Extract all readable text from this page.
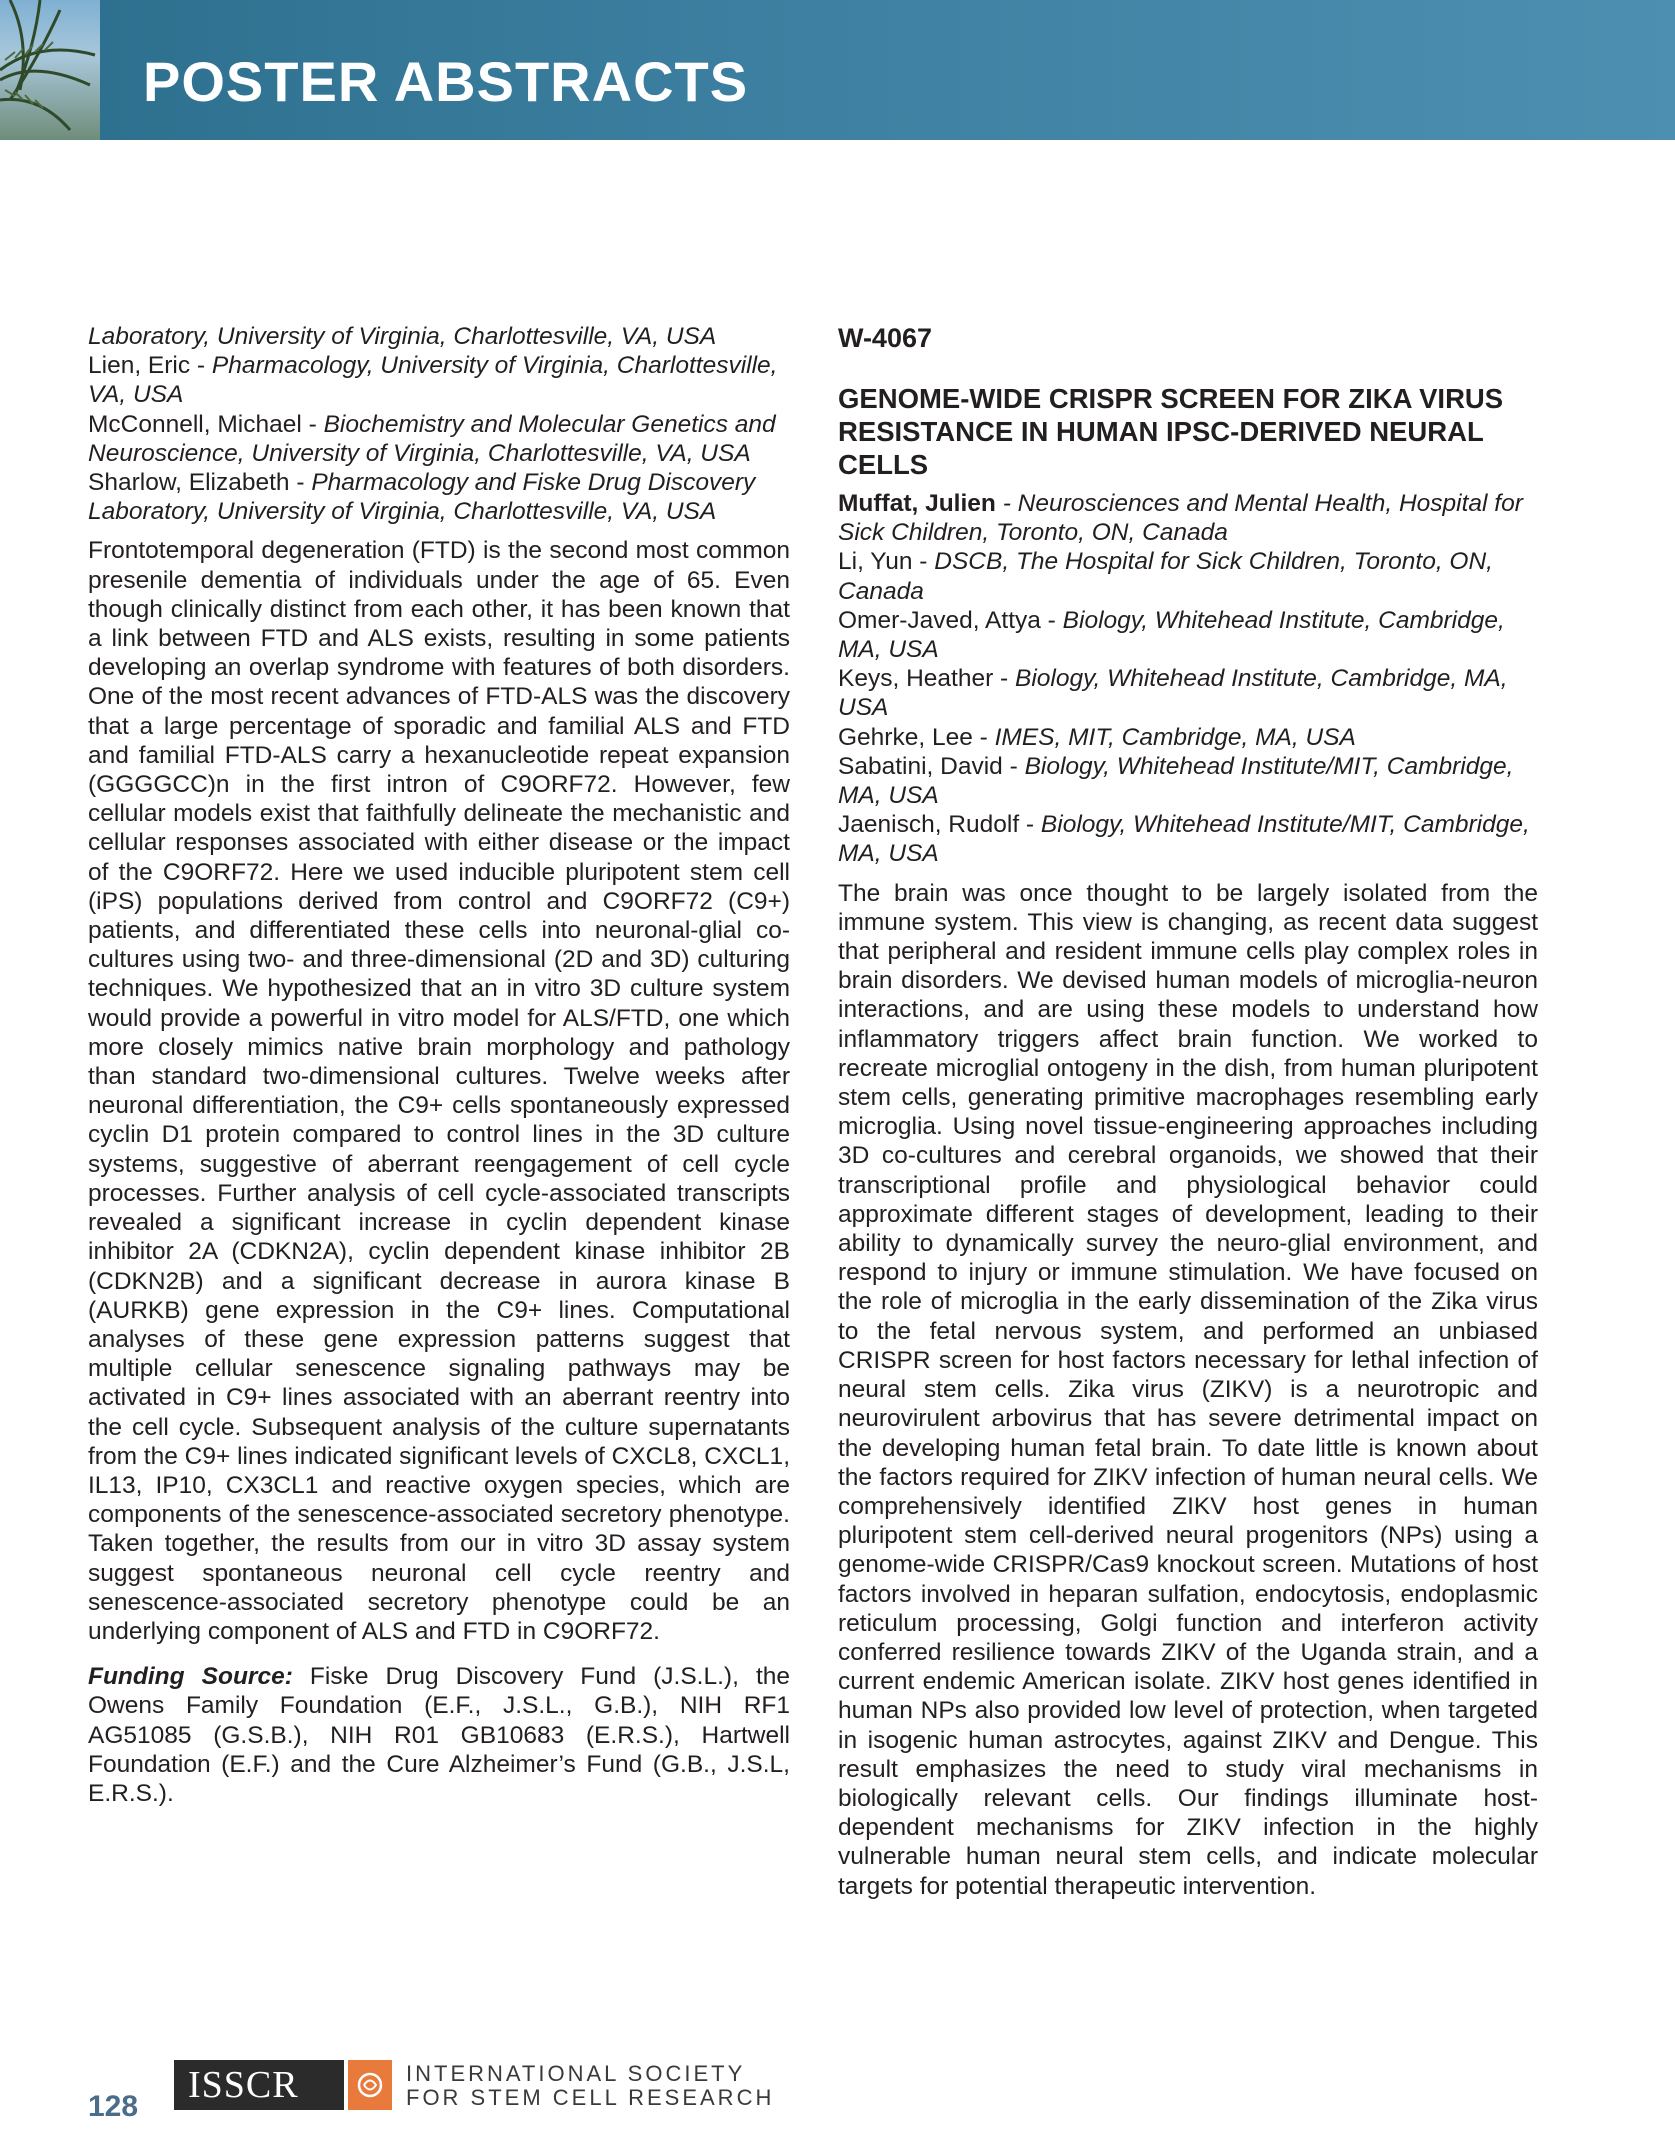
POSTER ABSTRACTS

Laboratory, University of Virginia, Charlottesville, VA, USA

Lien, Eric - Pharmacology, University of Virginia, Charlottesville, VA, USA

McConnell, Michael - Biochemistry and Molecular Genetics and Neuroscience, University of Virginia, Charlottesville, VA, USA

Sharlow, Elizabeth - Pharmacology and Fiske Drug Discovery Laboratory, University of Virginia, Charlottesville, VA, USA

Frontotemporal degeneration (FTD) is the second most common presenile dementia of individuals under the age of 65. Even though clinically distinct from each other, it has been known that a link between FTD and ALS exists, resulting in some patients developing an overlap syndrome with features of both disorders. One of the most recent advances of FTD-ALS was the discovery that a large percentage of sporadic and familial ALS and FTD and familial FTD-ALS carry a hexanucleotide repeat expansion (GGGGCC)n in the first intron of C9ORF72. However, few cellular models exist that faithfully delineate the mechanistic and cellular responses associated with either disease or the impact of the C9ORF72. Here we used inducible pluripotent stem cell (iPS) populations derived from control and C9ORF72 (C9+) patients, and differentiated these cells into neuronal-glial co-cultures using two- and three-dimensional (2D and 3D) culturing techniques. We hypothesized that an in vitro 3D culture system would provide a powerful in vitro model for ALS/FTD, one which more closely mimics native brain morphology and pathology than standard two-dimensional cultures. Twelve weeks after neuronal differentiation, the C9+ cells spontaneously expressed cyclin D1 protein compared to control lines in the 3D culture systems, suggestive of aberrant reengagement of cell cycle processes. Further analysis of cell cycle-associated transcripts revealed a significant increase in cyclin dependent kinase inhibitor 2A (CDKN2A), cyclin dependent kinase inhibitor 2B (CDKN2B) and a significant decrease in aurora kinase B (AURKB) gene expression in the C9+ lines. Computational analyses of these gene expression patterns suggest that multiple cellular senescence signaling pathways may be activated in C9+ lines associated with an aberrant reentry into the cell cycle. Subsequent analysis of the culture supernatants from the C9+ lines indicated significant levels of CXCL8, CXCL1, IL13, IP10, CX3CL1 and reactive oxygen species, which are components of the senescence-associated secretory phenotype. Taken together, the results from our in vitro 3D assay system suggest spontaneous neuronal cell cycle reentry and senescence-associated secretory phenotype could be an underlying component of ALS and FTD in C9ORF72.

Funding Source: Fiske Drug Discovery Fund (J.S.L.), the Owens Family Foundation (E.F., J.S.L., G.B.), NIH RF1 AG51085 (G.S.B.), NIH R01 GB10683 (E.R.S.), Hartwell Foundation (E.F.) and the Cure Alzheimer’s Fund (G.B., J.S.L, E.R.S.).

W-4067

GENOME-WIDE CRISPR SCREEN FOR ZIKA VIRUS RESISTANCE IN HUMAN IPSC-DERIVED NEURAL CELLS

Muffat, Julien - Neurosciences and Mental Health, Hospital for Sick Children, Toronto, ON, Canada

Li, Yun - DSCB, The Hospital for Sick Children, Toronto, ON, Canada

Omer-Javed, Attya - Biology, Whitehead Institute, Cambridge, MA, USA

Keys, Heather - Biology, Whitehead Institute, Cambridge, MA, USA

Gehrke, Lee - IMES, MIT, Cambridge, MA, USA

Sabatini, David - Biology, Whitehead Institute/MIT, Cambridge, MA, USA

Jaenisch, Rudolf - Biology, Whitehead Institute/MIT, Cambridge, MA, USA

The brain was once thought to be largely isolated from the immune system. This view is changing, as recent data suggest that peripheral and resident immune cells play complex roles in brain disorders. We devised human models of microglia-neuron interactions, and are using these models to understand how inflammatory triggers affect brain function. We worked to recreate microglial ontogeny in the dish, from human pluripotent stem cells, generating primitive macrophages resembling early microglia. Using novel tissue-engineering approaches including 3D co-cultures and cerebral organoids, we showed that their transcriptional profile and physiological behavior could approximate different stages of development, leading to their ability to dynamically survey the neuro-glial environment, and respond to injury or immune stimulation. We have focused on the role of microglia in the early dissemination of the Zika virus to the fetal nervous system, and performed an unbiased CRISPR screen for host factors necessary for lethal infection of neural stem cells. Zika virus (ZIKV) is a neurotropic and neurovirulent arbovirus that has severe detrimental impact on the developing human fetal brain. To date little is known about the factors required for ZIKV infection of human neural cells. We comprehensively identified ZIKV host genes in human pluripotent stem cell-derived neural progenitors (NPs) using a genome-wide CRISPR/Cas9 knockout screen. Mutations of host factors involved in heparan sulfation, endocytosis, endoplasmic reticulum processing, Golgi function and interferon activity conferred resilience towards ZIKV of the Uganda strain, and a current endemic American isolate. ZIKV host genes identified in human NPs also provided low level of protection, when targeted in isogenic human astrocytes, against ZIKV and Dengue. This result emphasizes the need to study viral mechanisms in biologically relevant cells. Our findings illuminate host-dependent mechanisms for ZIKV infection in the highly vulnerable human neural stem cells, and indicate molecular targets for potential therapeutic intervention.

128
ISSCR	INTERNATIONAL SOCIETY
FOR STEM CELL RESEARCH
